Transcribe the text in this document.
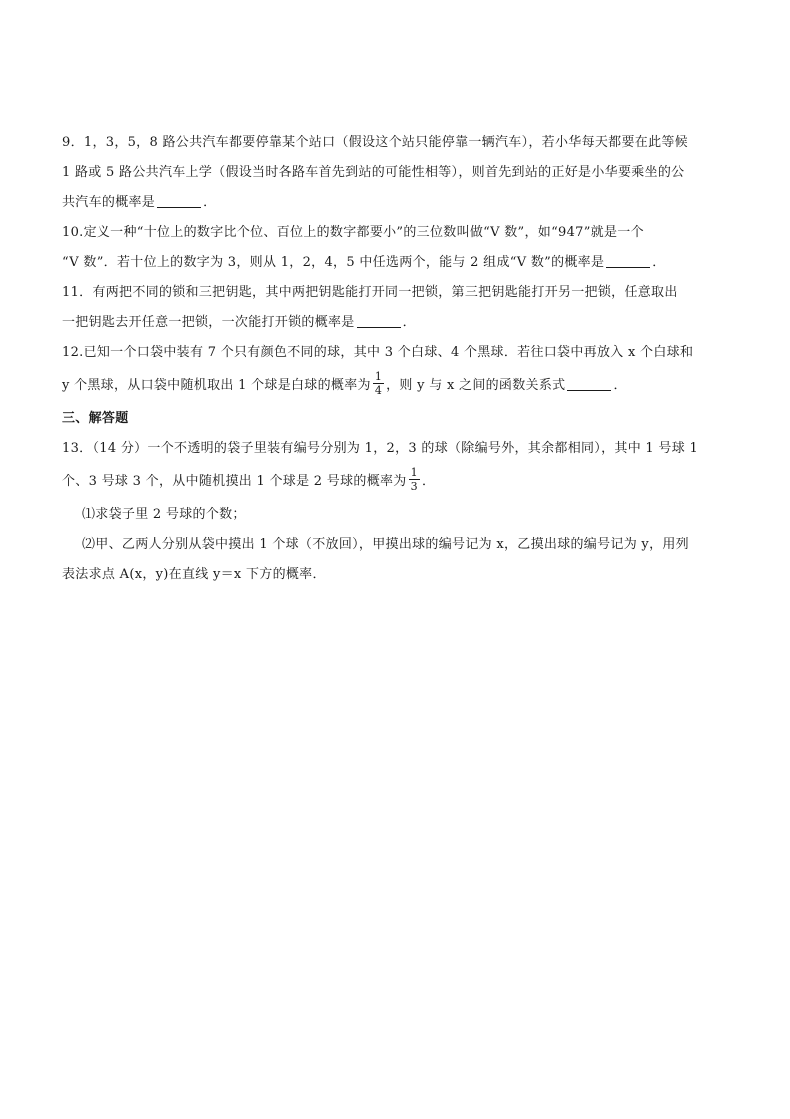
9．1，3，5，8 路公共汽车都要停靠某个站口（假设这个站只能停靠一辆汽车），若小华每天都要在此等候
1 路或 5 路公共汽车上学（假设当时各路车首先到站的可能性相等），则首先到站的正好是小华要乘坐的公
共汽车的概率是	．
10.定义一种“十位上的数字比个位、百位上的数字都要小”的三位数叫做“V 数”，如“947”就是一个
“V 数”．若十位上的数字为 3，则从 1，2，4，5 中任选两个，能与 2 组成“V 数”的概率是	．
11．有两把不同的锁和三把钥匙，其中两把钥匙能打开同一把锁，第三把钥匙能打开另一把锁，任意取出
一把钥匙去开任意一把锁，一次能打开锁的概率是	．
12.已知一个口袋中装有 7 个只有颜色不同的球，其中 3 个白球、4 个黑球．若往口袋中再放入 x 个白球和
y 个黑球，从口袋中随机取出 1 个球是白球的概率为 $\frac{1}{4}$ ，则 y 与 x 之间的函数关系式	．
三、解答题
13．（14 分）一个不透明的袋子里装有编号分别为 1，2，3 的球（除编号外，其余都相同），其中 1 号球 1
个、3 号球 3 个，从中随机摸出 1 个球是 2 号球的概率为 $\frac{1}{3}$ ．
⑴求袋子里 2 号球的个数；
⑵甲、乙两人分别从袋中摸出 1 个球（不放回），甲摸出球的编号记为 x，乙摸出球的编号记为 y，用列
表法求点 A(x，y)在直线 y＝x 下方的概率．
